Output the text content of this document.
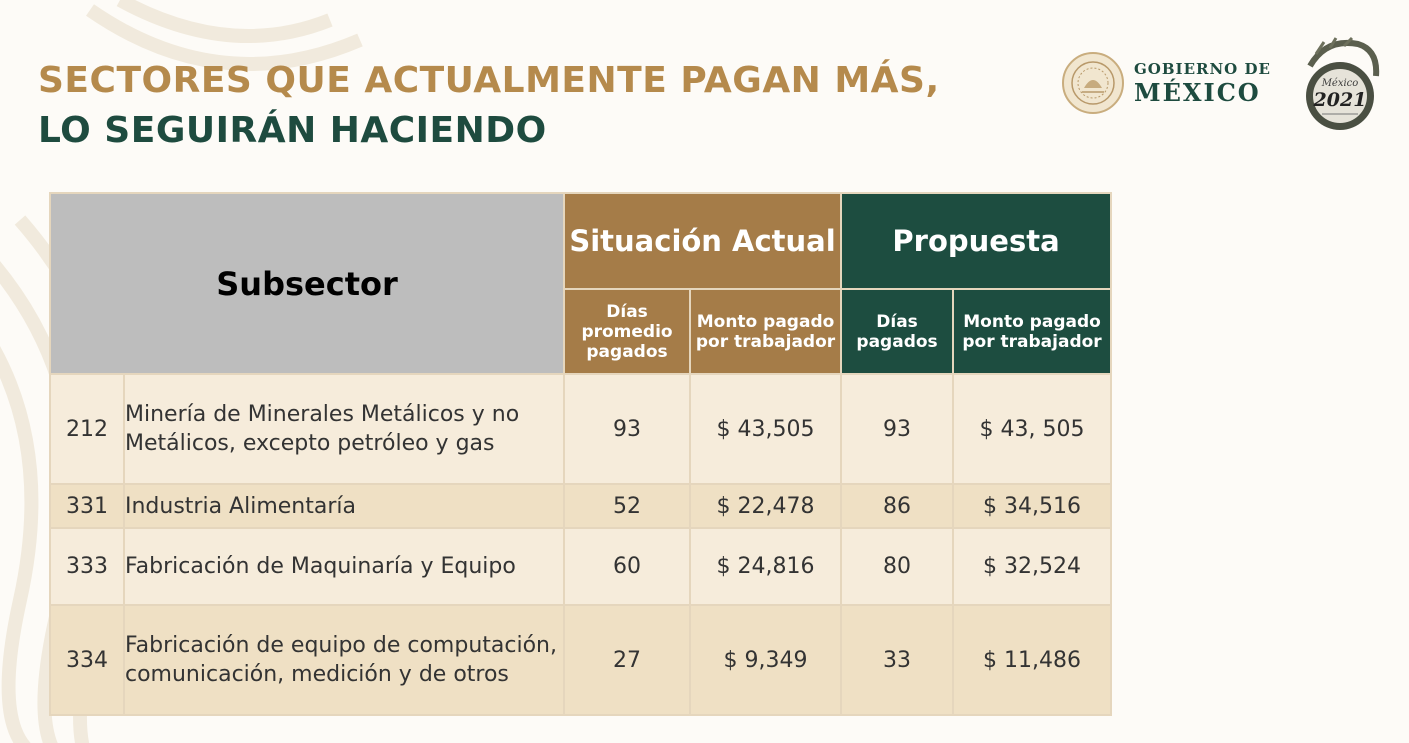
SECTORES QUE ACTUALMENTE PAGAN MÁS,
LO SEGUIRÁN HACIENDO
GOBIERNO DE
MÉXICO	México
2021
Subsector		Situación Actual		Propuesta	
		Días promedio pagados	Monto pagado por trabajador	Días pagados	Monto pagado por trabajador
212	Minería de Minerales Metálicos y no Metálicos, excepto petróleo y gas	93	$ 43,505	93	$ 43, 505
331	Industria Alimentaría	52	$ 22,478	86	$ 34,516
333	Fabricación de Maquinaría y Equipo	60	$ 24,816	80	$ 32,524
334	Fabricación de equipo de computación, comunicación, medición y de otros	27	$ 9,349	33	$ 11,486
